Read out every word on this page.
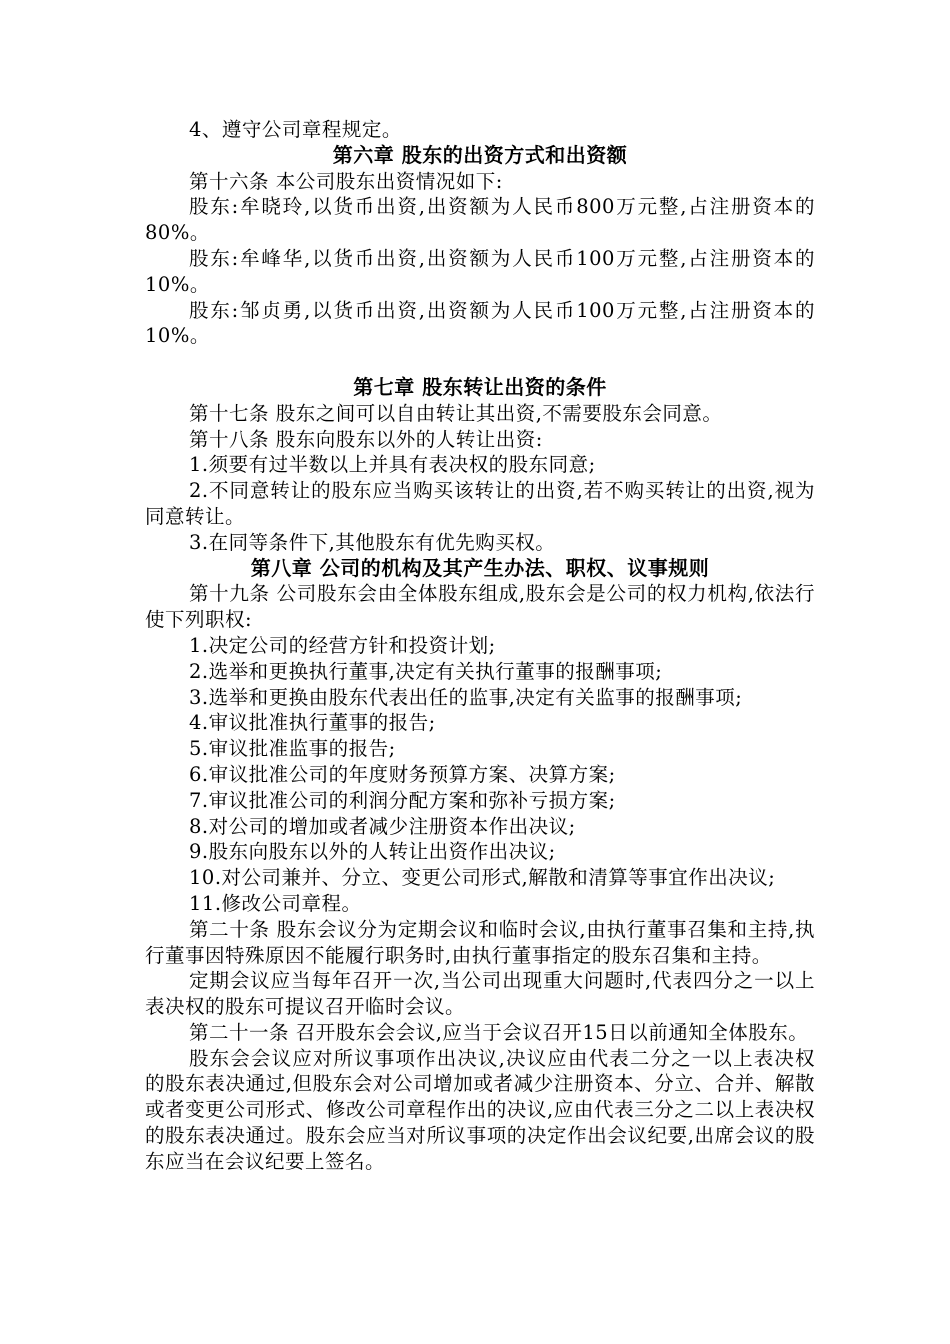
4、遵守公司章程规定。

第六章 股东的出资方式和出资额

第十六条 本公司股东出资情况如下:

股东:牟晓玲,以货币出资,出资额为人民币800万元整,占注册资本的80%。

股东:牟峰华,以货币出资,出资额为人民币100万元整,占注册资本的 10%。

股东:邹贞勇,以货币出资,出资额为人民币100万元整,占注册资本的 10%。

第七章 股东转让出资的条件

第十七条 股东之间可以自由转让其出资,不需要股东会同意。

第十八条 股东向股东以外的人转让出资:

1.须要有过半数以上并具有表决权的股东同意;

2.不同意转让的股东应当购买该转让的出资,若不购买转让的出资,视为同意转让。

3.在同等条件下,其他股东有优先购买权。

第八章 公司的机构及其产生办法、职权、议事规则

第十九条 公司股东会由全体股东组成,股东会是公司的权力机构,依法行使下列职权:

1.决定公司的经营方针和投资计划;

2.选举和更换执行董事,决定有关执行董事的报酬事项;

3.选举和更换由股东代表出任的监事,决定有关监事的报酬事项;

4.审议批准执行董事的报告;

5.审议批准监事的报告;

6.审议批准公司的年度财务预算方案、决算方案;

7.审议批准公司的利润分配方案和弥补亏损方案;

8.对公司的增加或者减少注册资本作出决议;

9.股东向股东以外的人转让出资作出决议;

10.对公司兼并、分立、变更公司形式,解散和清算等事宜作出决议;

11.修改公司章程。

第二十条 股东会议分为定期会议和临时会议,由执行董事召集和主持,执行董事因特殊原因不能履行职务时,由执行董事指定的股东召集和主持。

定期会议应当每年召开一次,当公司出现重大问题时,代表四分之一以上表决权的股东可提议召开临时会议。

第二十一条 召开股东会会议,应当于会议召开15日以前通知全体股东。

股东会会议应对所议事项作出决议,决议应由代表二分之一以上表决权的股东表决通过,但股东会对公司增加或者减少注册资本、分立、合并、解散或者变更公司形式、修改公司章程作出的决议,应由代表三分之二以上表决权的股东表决通过。股东会应当对所议事项的决定作出会议纪要,出席会议的股东应当在会议纪要上签名。
